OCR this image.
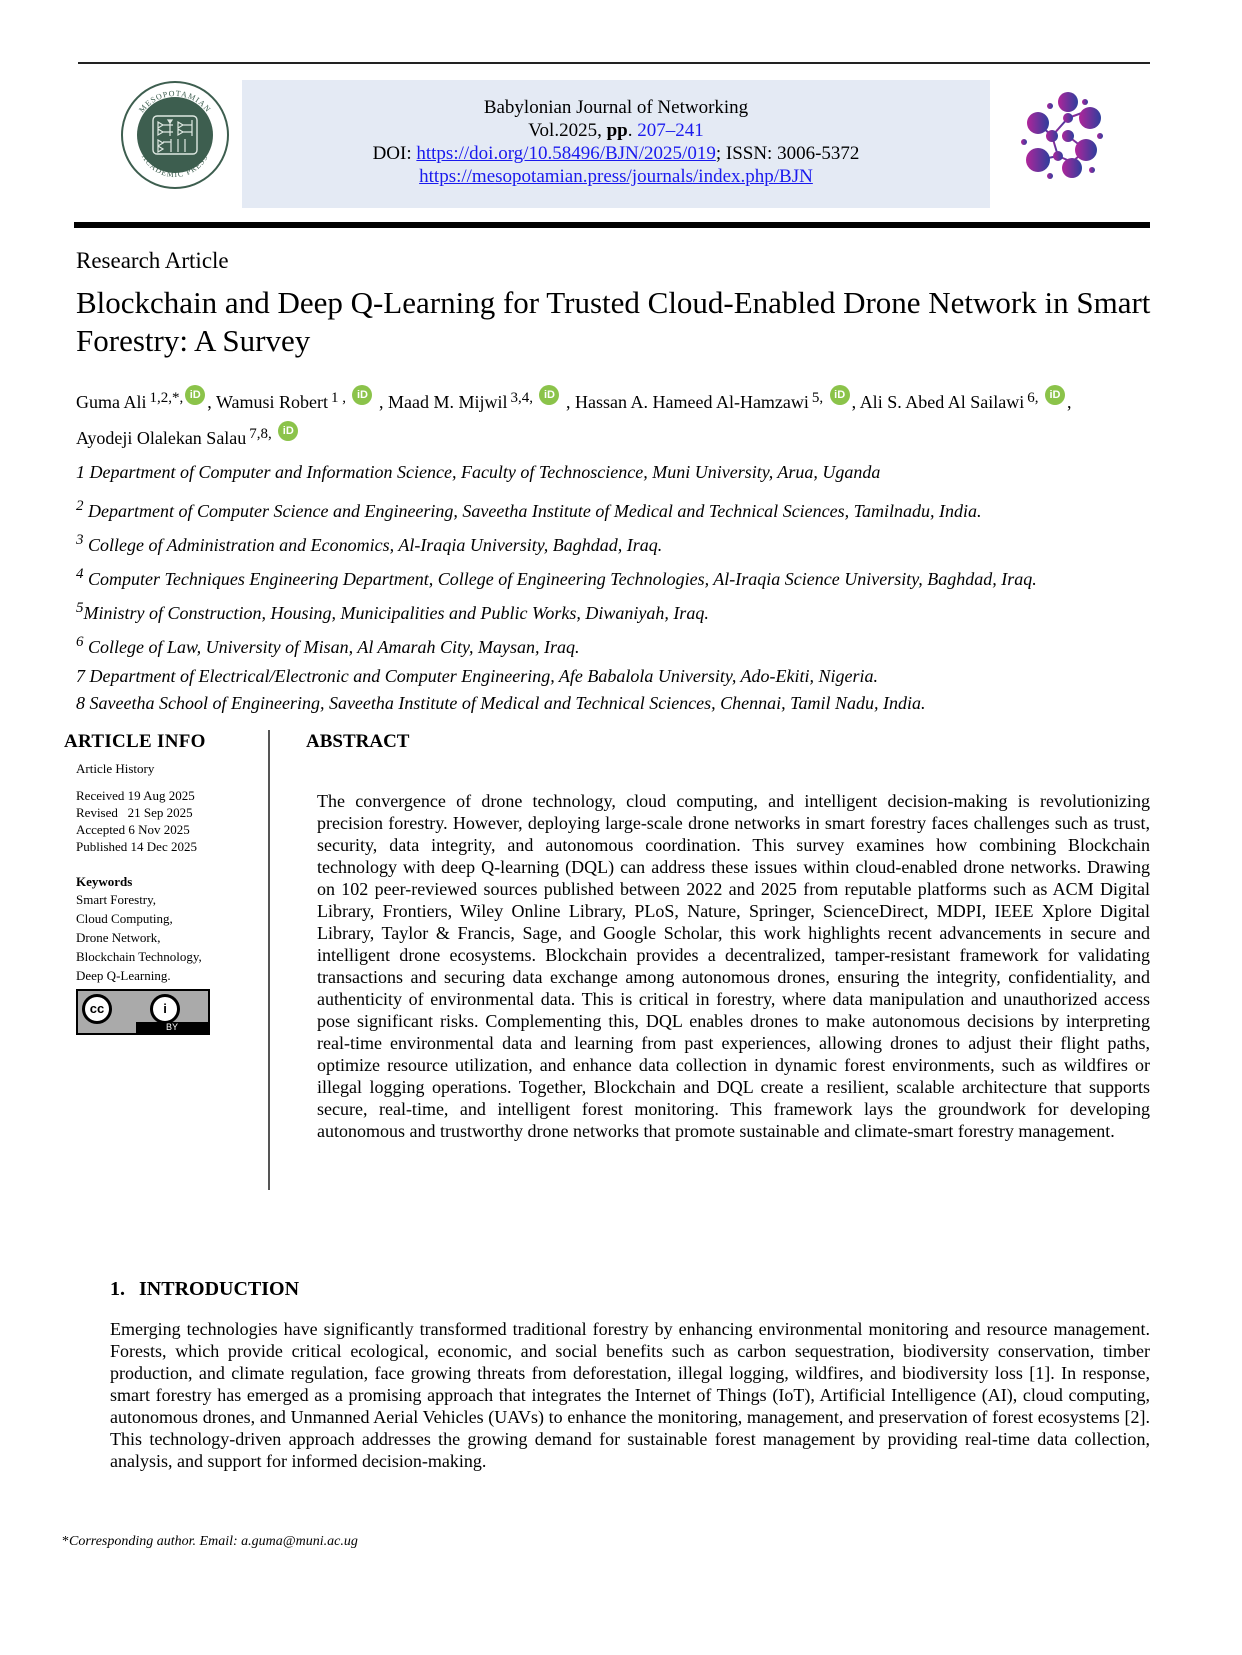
MESOPOTAMIAN
ACADEMIC PRESS
Babylonian Journal of Networking
Vol.2025, pp. 207–241
DOI: https://doi.org/10.58496/BJN/2025/019; ISSN: 3006-5372
https://mesopotamian.press/journals/index.php/BJN
Research Article
Blockchain and Deep Q-Learning for Trusted Cloud-Enabled Drone Network in Smart Forestry: A Survey
Guma Ali $^{1,2,*,}$ iD , Wamusi Robert $^{1 ,}$ iD , Maad M. Mijwil $^{3,4,}$ iD , Hassan A. Hameed Al-Hamzawi $^{5,}$ iD , Ali S. Abed Al Sailawi $^{6,}$ iD ,
Ayodeji Olalekan Salau $^{7,8,}$ iD
1 Department of Computer and Information Science, Faculty of Technoscience, Muni University, Arua, Uganda
$^2$ Department of Computer Science and Engineering, Saveetha Institute of Medical and Technical Sciences, Tamilnadu, India.
$^3$ College of Administration and Economics, Al-Iraqia University, Baghdad, Iraq.
$^4$ Computer Techniques Engineering Department, College of Engineering Technologies, Al-Iraqia Science University, Baghdad, Iraq.
$^5$Ministry of Construction, Housing, Municipalities and Public Works, Diwaniyah, Iraq.
$^6$ College of Law, University of Misan, Al Amarah City, Maysan, Iraq.
7 Department of Electrical/Electronic and Computer Engineering, Afe Babalola University, Ado-Ekiti, Nigeria.
8 Saveetha School of Engineering, Saveetha Institute of Medical and Technical Sciences, Chennai, Tamil Nadu, India.
ARTICLE INFO
Article History
Received 19 Aug 2025
Revised   21 Sep 2025
Accepted 6 Nov 2025
Published 14 Dec 2025
Keywords
Smart Forestry,
Cloud Computing,
Drone Network,
Blockchain Technology,
Deep Q-Learning.
cc	i
BY
ABSTRACT
The convergence of drone technology, cloud computing, and intelligent decision-making is revolutionizing precision forestry. However, deploying large-scale drone networks in smart forestry faces challenges such as trust, security, data integrity, and autonomous coordination. This survey examines how combining Blockchain technology with deep Q-learning (DQL) can address these issues within cloud-enabled drone networks. Drawing on 102 peer-reviewed sources published between 2022 and 2025 from reputable platforms such as ACM Digital Library, Frontiers, Wiley Online Library, PLoS, Nature, Springer, ScienceDirect, MDPI, IEEE Xplore Digital Library, Taylor & Francis, Sage, and Google Scholar, this work highlights recent advancements in secure and intelligent drone ecosystems. Blockchain provides a decentralized, tamper-resistant framework for validating transactions and securing data exchange among autonomous drones, ensuring the integrity, confidentiality, and authenticity of environmental data. This is critical in forestry, where data manipulation and unauthorized access pose significant risks. Complementing this, DQL enables drones to make autonomous decisions by interpreting real-time environmental data and learning from past experiences, allowing drones to adjust their flight paths, optimize resource utilization, and enhance data collection in dynamic forest environments, such as wildfires or illegal logging operations. Together, Blockchain and DQL create a resilient, scalable architecture that supports secure, real-time, and intelligent forest monitoring. This framework lays the groundwork for developing autonomous and trustworthy drone networks that promote sustainable and climate-smart forestry management.
1. INTRODUCTION
Emerging technologies have significantly transformed traditional forestry by enhancing environmental monitoring and resource management. Forests, which provide critical ecological, economic, and social benefits such as carbon sequestration, biodiversity conservation, timber production, and climate regulation, face growing threats from deforestation, illegal logging, wildfires, and biodiversity loss [1]. In response, smart forestry has emerged as a promising approach that integrates the Internet of Things (IoT), Artificial Intelligence (AI), cloud computing, autonomous drones, and Unmanned Aerial Vehicles (UAVs) to enhance the monitoring, management, and preservation of forest ecosystems [2]. This technology-driven approach addresses the growing demand for sustainable forest management by providing real-time data collection, analysis, and support for informed decision-making.
*Corresponding author. Email: a.guma@muni.ac.ug
